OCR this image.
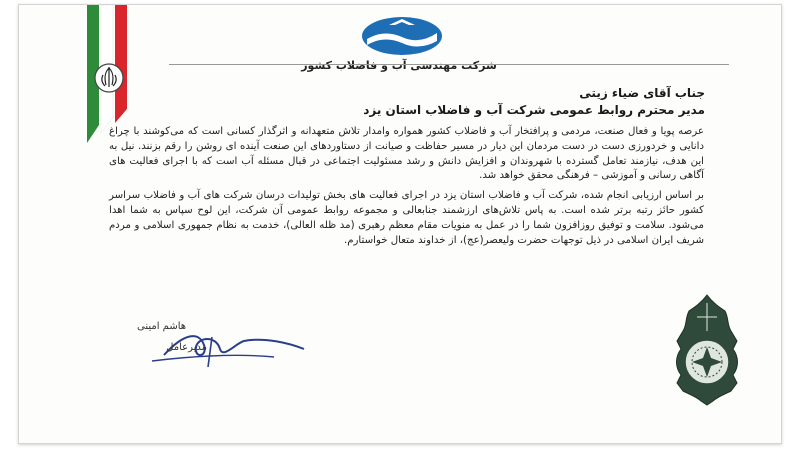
شرکت مهندسی آب و فاضلاب کشور
جناب آقای ضیاء زیتی
مدیر محترم روابط عمومی شرکت آب و فاضلاب استان یزد

عرصه پویا و فعال صنعت، مردمی و پرافتخار آب و فاضلاب کشور همواره وامدار تلاش متعهدانه و اثرگذار کسانی است که می‌کوشند با چراغ دانایی و خردورزی دست در دست مردمان این دیار در مسیر حفاظت و صیانت از دستاوردهای این صنعت آینده ای روشن را رقم بزنند. نیل به این هدف، نیازمند تعامل گسترده با شهروندان و افزایش دانش و رشد مسئولیت اجتماعی در قبال مسئله آب است که با اجرای فعالیت های آگاهی رسانی و آموزشی – فرهنگی محقق خواهد شد.

بر اساس ارزیابی انجام شده، شرکت آب و فاضلاب استان یزد در اجرای فعالیت های بخش تولیدات درسان شرکت های آب و فاضلاب سراسر کشور حائز رتبه برتر شده است. به پاس تلاش‌های ارزشمند جنابعالی و مجموعه روابط عمومی آن شرکت، این لوح سپاس به شما اهدا می‌شود. سلامت و توفیق روزافزون شما را در عمل به منویات مقام معظم رهبری (مد ظله العالی)، خدمت به نظام جمهوری اسلامی و مردم شریف ایران اسلامی در ذیل توجهات حضرت ولیعصر(عج)، از خداوند متعال خواستارم.

هاشم امینی
مدیرعامل
